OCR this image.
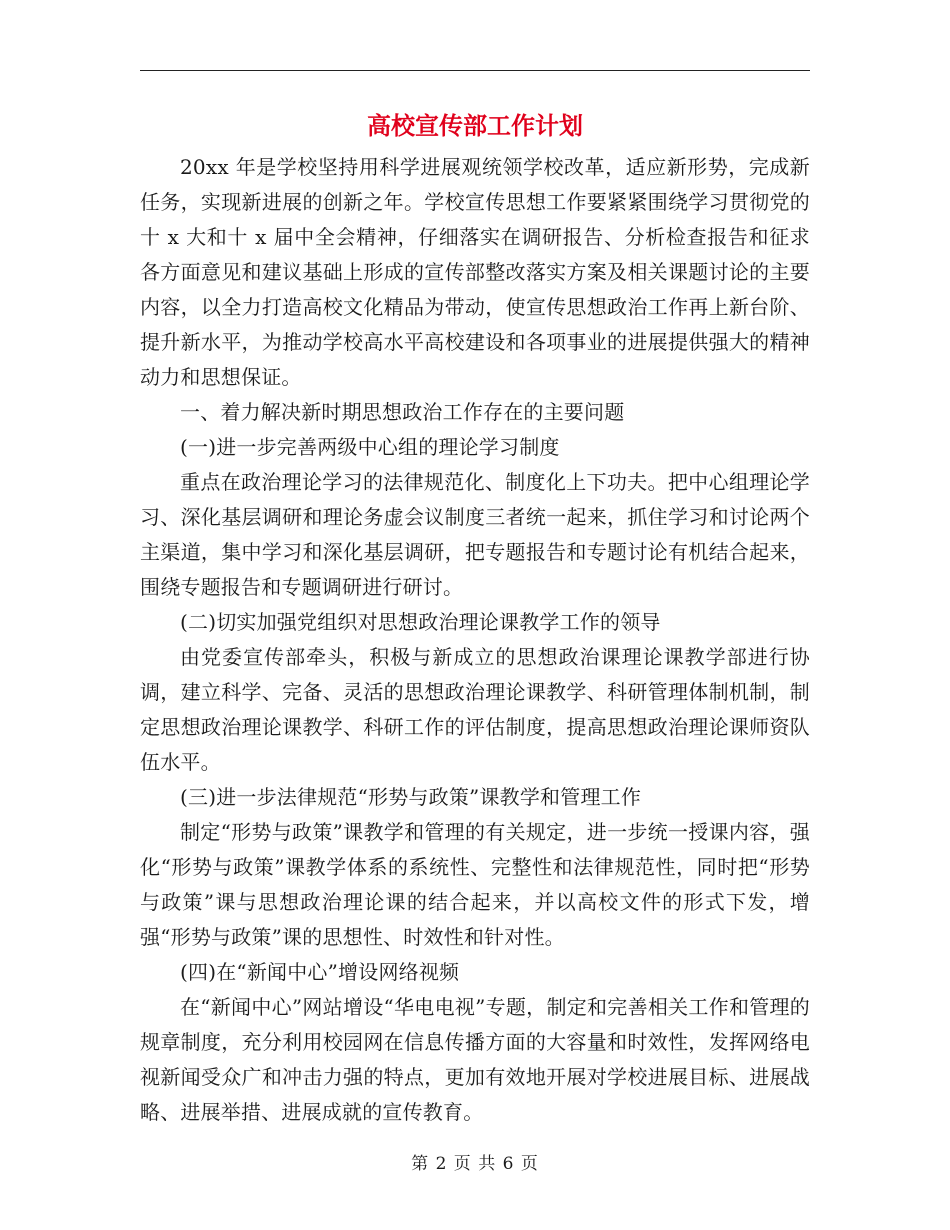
高校宣传部工作计划

20xx 年是学校坚持用科学进展观统领学校改革，适应新形势，完成新任务，实现新进展的创新之年。学校宣传思想工作要紧紧围绕学习贯彻党的十 x 大和十 x 届中全会精神，仔细落实在调研报告、分析检查报告和征求各方面意见和建议基础上形成的宣传部整改落实方案及相关课题讨论的主要内容，以全力打造高校文化精品为带动，使宣传思想政治工作再上新台阶、提升新水平，为推动学校高水平高校建设和各项事业的进展提供强大的精神动力和思想保证。

一、着力解决新时期思想政治工作存在的主要问题

(一)进一步完善两级中心组的理论学习制度

重点在政治理论学习的法律规范化、制度化上下功夫。把中心组理论学习、深化基层调研和理论务虚会议制度三者统一起来，抓住学习和讨论两个主渠道，集中学习和深化基层调研，把专题报告和专题讨论有机结合起来，围绕专题报告和专题调研进行研讨。

(二)切实加强党组织对思想政治理论课教学工作的领导

由党委宣传部牵头，积极与新成立的思想政治课理论课教学部进行协调，建立科学、完备、灵活的思想政治理论课教学、科研管理体制机制，制定思想政治理论课教学、科研工作的评估制度，提高思想政治理论课师资队伍水平。

(三)进一步法律规范“形势与政策”课教学和管理工作

制定“形势与政策”课教学和管理的有关规定，进一步统一授课内容，强化“形势与政策”课教学体系的系统性、完整性和法律规范性，同时把“形势与政策”课与思想政治理论课的结合起来，并以高校文件的形式下发，增强“形势与政策”课的思想性、时效性和针对性。

(四)在“新闻中心”增设网络视频

在“新闻中心”网站增设“华电电视”专题，制定和完善相关工作和管理的规章制度，充分利用校园网在信息传播方面的大容量和时效性，发挥网络电视新闻受众广和冲击力强的特点，更加有效地开展对学校进展目标、进展战略、进展举措、进展成就的宣传教育。

第 2 页 共 6 页
